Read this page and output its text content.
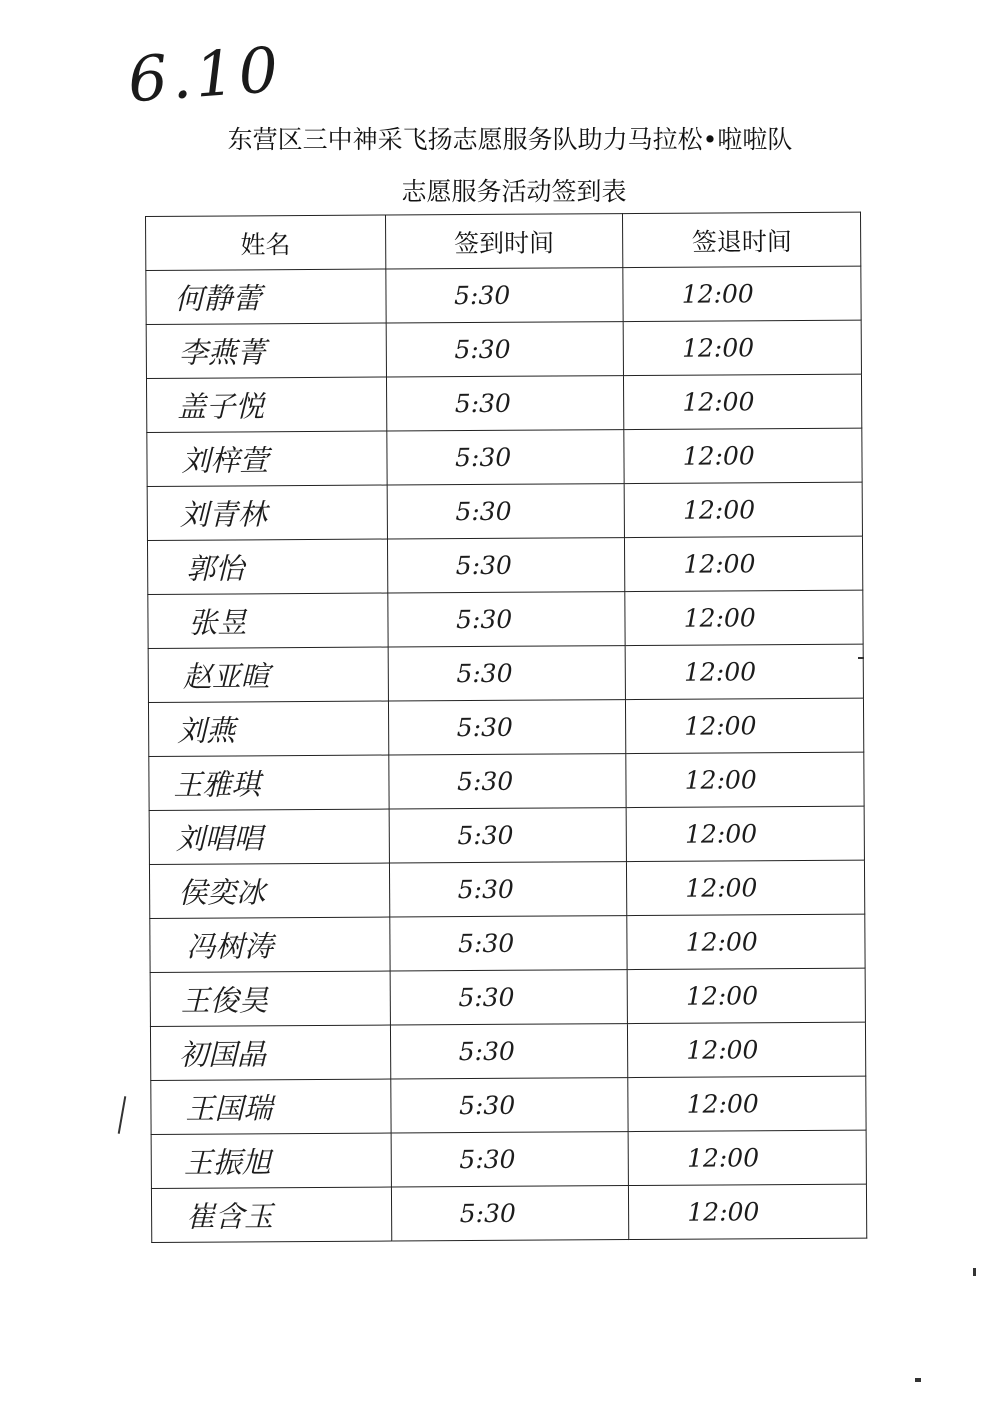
6.10
东营区三中神采飞扬志愿服务队助力马拉松•啦啦队
志愿服务活动签到表
姓名	签到时间	签退时间
何静蕾	5:30	12:00
李燕菁	5:30	12:00
盖子悦	5:30	12:00
刘梓萱	5:30	12:00
刘青林	5:30	12:00
郭怡	5:30	12:00
张昱	5:30	12:00
赵亚暄	5:30	12:00
刘燕	5:30	12:00
王雅琪	5:30	12:00
刘唱唱	5:30	12:00
侯奕冰	5:30	12:00
冯树涛	5:30	12:00
王俊昊	5:30	12:00
初国晶	5:30	12:00
王国瑞	5:30	12:00
王振旭	5:30	12:00
崔含玉	5:30	12:00
